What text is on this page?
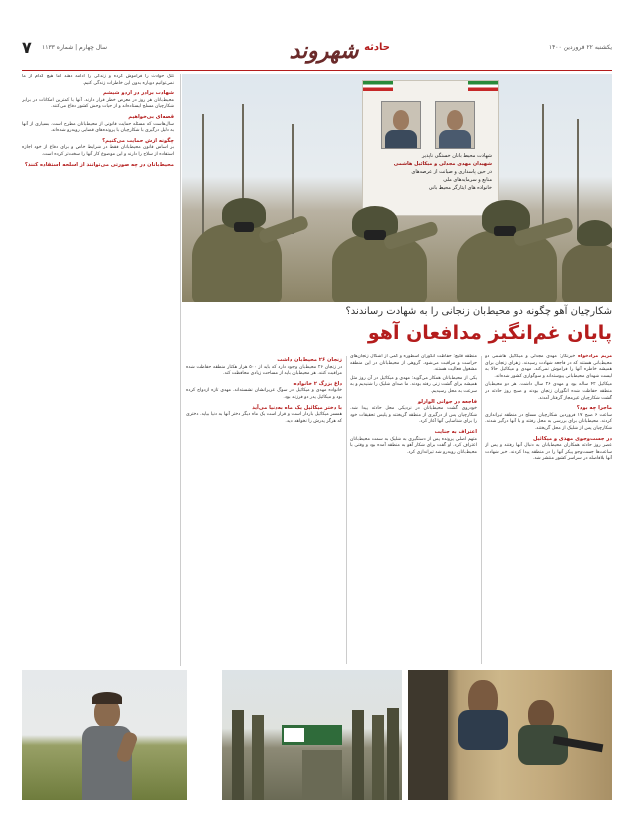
۷ سال چهارم | شماره ۱۱۳۳	شهروند حادثه	یکشنبه ۲۲ فروردین ۱۴۰۰
شهادت محیط بانان خستگی ناپذیر
شهیدان مهدی مجدلی و میکائیل هاشمی
در حین پاسداری و صیانت از عرصه‌های
منابع و سرمایه‌های ملی
خانواده های ایثارگر محیط بانی
شکارچیان آهو چگونه دو محیط‌بان زنجانی را به شهادت رساندند؟
پایان غم‌انگیز مدافعان آهو

مریم مرادخواه خبرنگار: مهدی مجدلی و میکائیل هاشمی دو محیط‌بانی هستند که در فاجعه شهادت رسیدند. زهرای زنجان برای همیشه خاطره آنها را فراموش نمی‌کند. مهدی و میکائیل حالا به لیست شهدای محیط‌بانی پیوسته‌اند و سوگواری کشور شده‌اند.

میکائیل ۴۲ ساله بود و مهدی ۲۶ سال داشت. هر دو محیط‌بان منطقه حفاظت شده انگوران زنجان بودند و صبح روز حادثه در گشت شکارچیان غیرمجاز گرفتار آمدند.

ماجرا چه بود؟

ساعت ۶ صبح ۱۷ فروردین شکارچیان مسلح در منطقه تیراندازی کردند. محیط‌بانان برای بررسی به محل رفتند و با آنها درگیر شدند. شکارچیان پس از شلیک از محل گریختند.

در جست‌وجوی مهدی و میکائیل

عصر روز حادثه همکاران محیط‌بانان به دنبال آنها رفتند و پس از ساعت‌ها جست‌وجو پیکر آنها را در منطقه پیدا کردند. خبر شهادت آنها بلافاصله در سراسر کشور منتشر شد.

منطقه قلیچ: حفاظت انگوران اسطوره و کمی از اشکال زنجان‌های حراست و مراقبت می‌شود. گروهی از محیط‌بانان در این منطقه مشغول فعالیت هستند.

یکی از محیط‌بانان همکار می‌گوید: مهدی و میکائیل در آن روز مثل همیشه برای گشت زنی رفته بودند. ما صدای شلیک را شنیدیم و به سرعت به محل رسیدیم.

فاجعه در جوانی الوارلو

خودروی گشت محیط‌بانان در نزدیکی محل حادثه پیدا شد. شکارچیان پس از درگیری از منطقه گریختند و پلیس تحقیقات خود را برای شناسایی آنها آغاز کرد.

اعتراف به جنایت

متهم اصلی پرونده پس از دستگیری به شلیک به سمت محیط‌بانان اعتراف کرد. او گفت برای شکار آهو به منطقه آمده بود و وقتی با محیط‌بانان روبه‌رو شد تیراندازی کرد.

زنجان ۲۶ محیط‌بان داشت

در زنجان ۲۶ محیط‌بان وجود دارد که باید از ۵۰۰ هزار هکتار منطقه حفاظت شده مراقبت کنند. هر محیط‌بان باید از مساحت زیادی محافظت کند.

داغ بزرگ ۲ خانواده

خانواده مهدی و میکائیل در سوگ عزیزانشان نشسته‌اند. مهدی تازه ازدواج کرده بود و میکائیل پدر دو فرزند بود.

با دختر میکائیل یک ماه به‌دنیا می‌آید

همسر میکائیل باردار است و قرار است یک ماه دیگر دختر آنها به دنیا بیاید. دختری که هرگز پدرش را نخواهد دید.

تلک حوادث را فراموش کرده و زندگی را ادامه دهند اما هیچ کدام از ما نمی‌توانیم دوباره بدون این خاطرات زندگی کنیم.

شهادت برادر در اردو شیشم

محیط‌بانان هر روز در معرض خطر قرار دارند. آنها با کمترین امکانات در برابر شکارچیان مسلح ایستاده‌اند و از حیات وحش کشور دفاع می‌کنند.

قصه‌ای بی‌خواهیم

سال‌هاست که مسئله حمایت قانونی از محیط‌بانان مطرح است. بسیاری از آنها به دلیل درگیری با شکارچیان با پرونده‌های قضایی روبه‌رو شده‌اند.

چگونه ازش حمایت می‌کنیم؟

بر اساس قانون محیط‌بانان فقط در شرایط خاص و برای دفاع از خود اجازه استفاده از سلاح را دارند و این موضوع کار آنها را سخت‌تر کرده است.

محیط‌بانان در چه صورتی می‌توانند از اسلحه استفاده کنند؟
